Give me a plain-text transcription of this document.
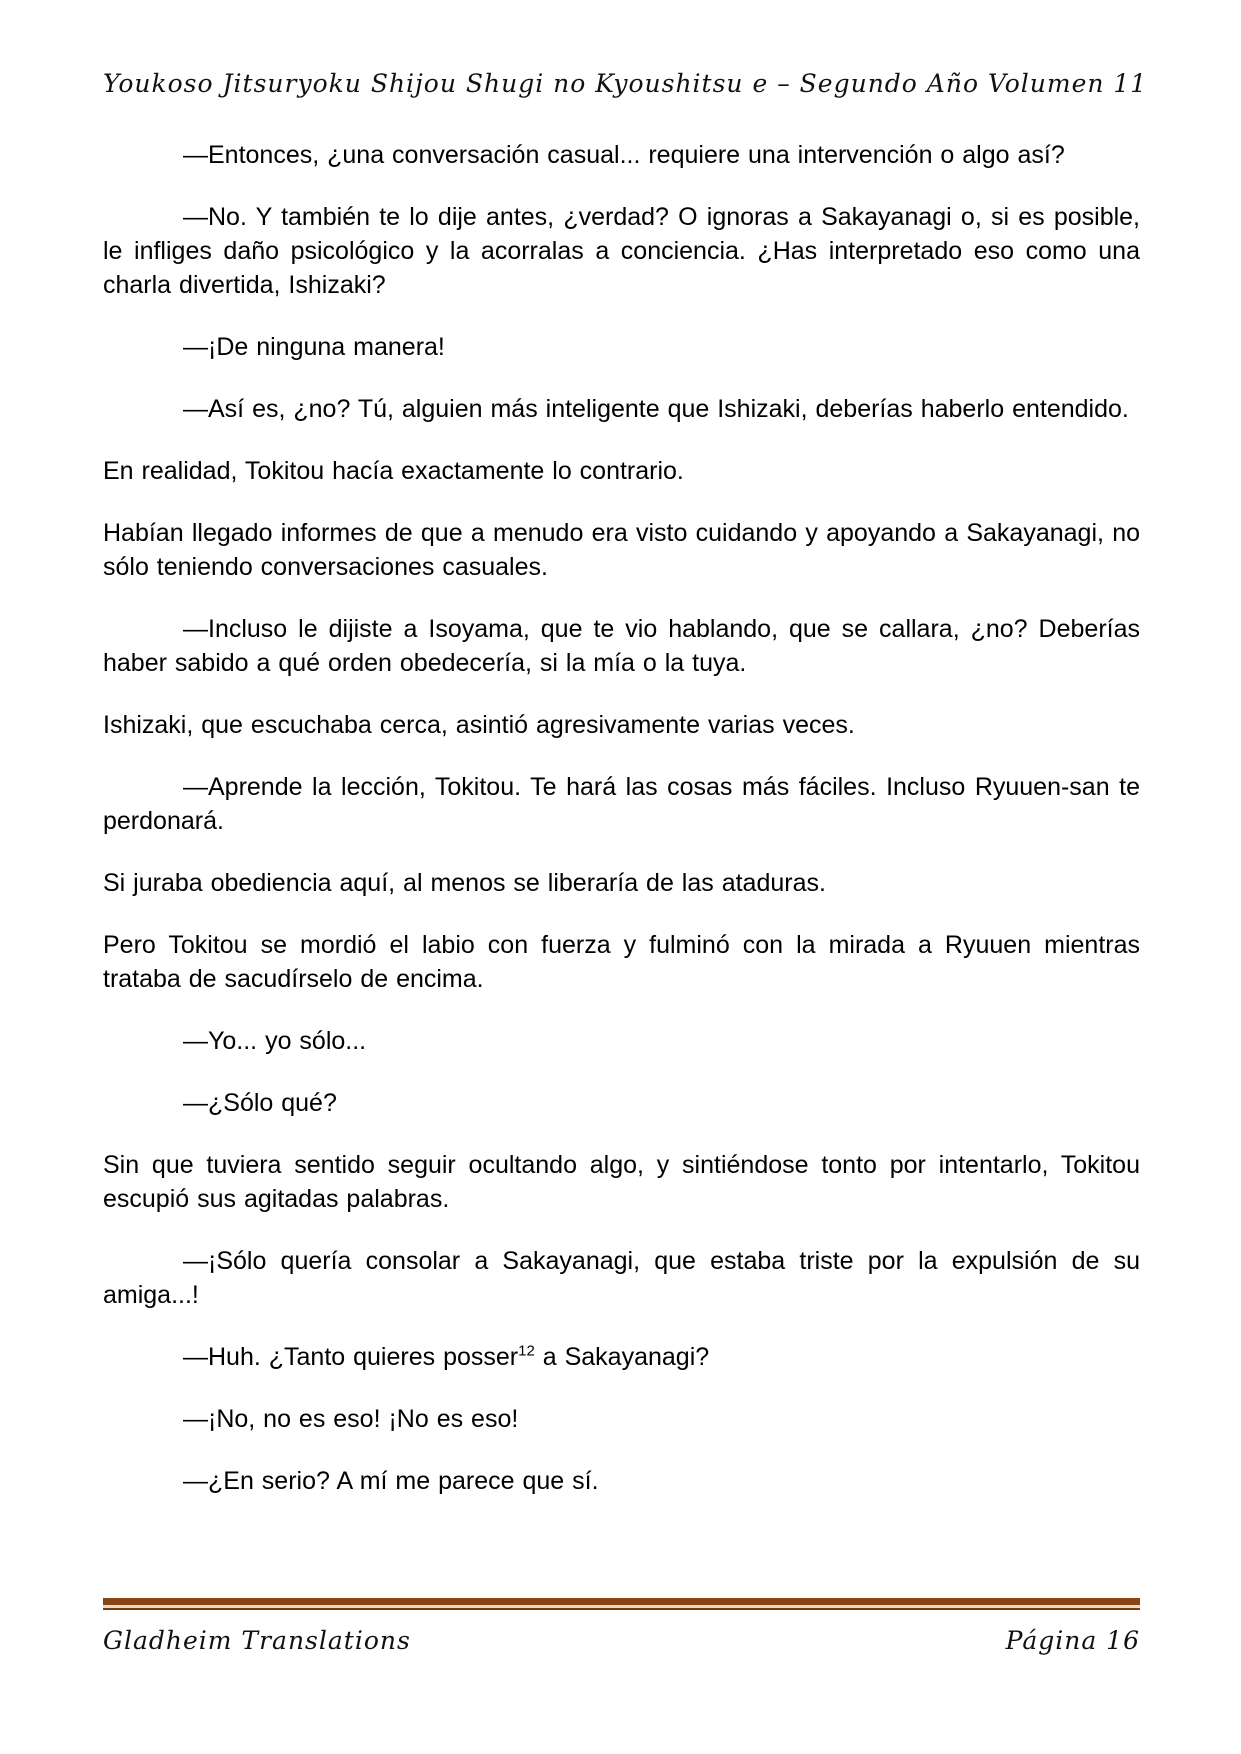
Youkoso Jitsuryoku Shijou Shugi no Kyoushitsu e – Segundo Año Volumen 11

—Entonces, ¿una conversación casual... requiere una intervención o algo así?

—No. Y también te lo dije antes, ¿verdad? O ignoras a Sakayanagi o, si es posible, le infliges daño psicológico y la acorralas a conciencia. ¿Has interpretado eso como una charla divertida, Ishizaki?

—¡De ninguna manera!

—Así es, ¿no? Tú, alguien más inteligente que Ishizaki, deberías haberlo entendido.

En realidad, Tokitou hacía exactamente lo contrario.

Habían llegado informes de que a menudo era visto cuidando y apoyando a Sakayanagi, no sólo teniendo conversaciones casuales.

—Incluso le dijiste a Isoyama, que te vio hablando, que se callara, ¿no? Deberías haber sabido a qué orden obedecería, si la mía o la tuya.

Ishizaki, que escuchaba cerca, asintió agresivamente varias veces.

—Aprende la lección, Tokitou. Te hará las cosas más fáciles. Incluso Ryuuen-san te perdonará.

Si juraba obediencia aquí, al menos se liberaría de las ataduras.

Pero Tokitou se mordió el labio con fuerza y fulminó con la mirada a Ryuuen mientras trataba de sacudírselo de encima.

—Yo... yo sólo...

—¿Sólo qué?

Sin que tuviera sentido seguir ocultando algo, y sintiéndose tonto por intentarlo, Tokitou escupió sus agitadas palabras.

—¡Sólo quería consolar a Sakayanagi, que estaba triste por la expulsión de su amiga...!

—Huh. ¿Tanto quieres posser$^{12}$ a Sakayanagi?

—¡No, no es eso! ¡No es eso!

—¿En serio? A mí me parece que sí.

Gladheim Translations	Página 16
